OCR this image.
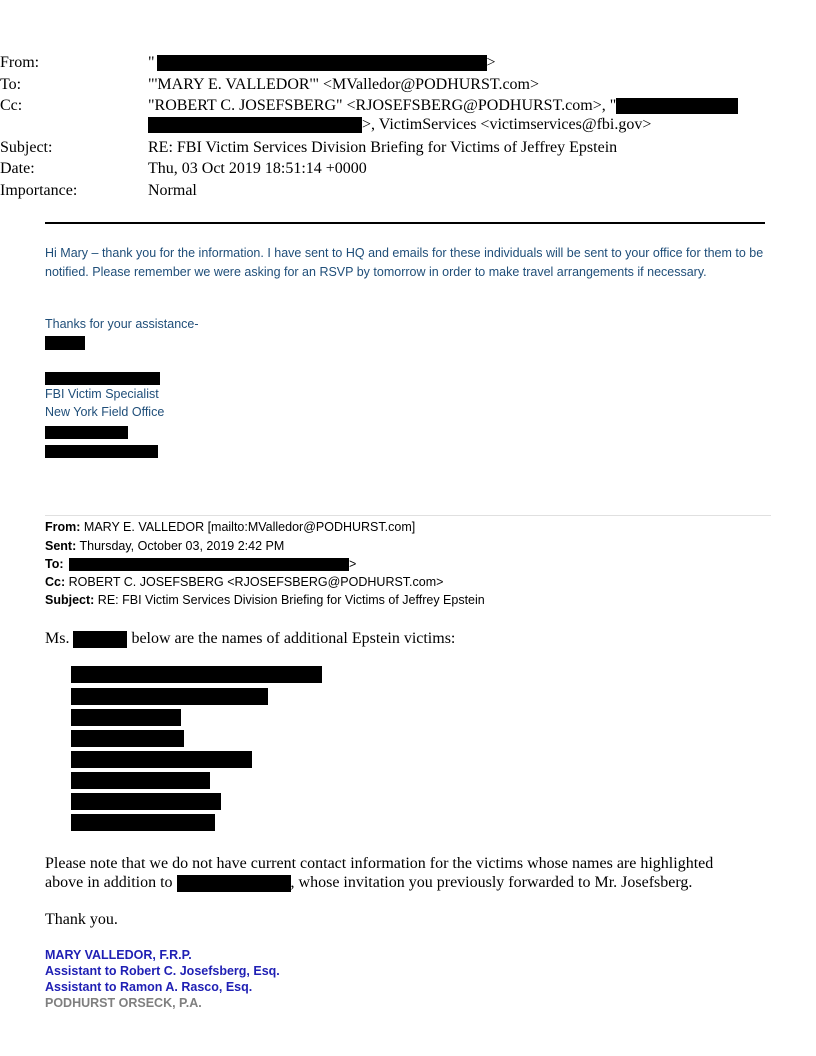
From:	"	>
To:	"'MARY E. VALLEDOR'" <MValledor@PODHURST.com>
Cc:	"ROBERT C. JOSEFSBERG" <RJOSEFSBERG@PODHURST.com>, "
>, VictimServices <victimservices@fbi.gov>
Subject:	RE: FBI Victim Services Division Briefing for Victims of Jeffrey Epstein
Date:	Thu, 03 Oct 2019 18:51:14 +0000
Importance:	Normal
Hi Mary – thank you for the information. I have sent to HQ and emails for these individuals will be sent to your office for them to be notified. Please remember we were asking for an RSVP by tomorrow in order to make travel arrangements if necessary.
Thanks for your assistance-
FBI Victim Specialist
New York Field Office
From: MARY E. VALLEDOR [mailto:MValledor@PODHURST.com]
Sent: Thursday, October 03, 2019 2:42 PM
To:	>
Cc: ROBERT C. JOSEFSBERG <RJOSEFSBERG@PODHURST.com>
Subject: RE: FBI Victim Services Division Briefing for Victims of Jeffrey Epstein
Ms.	below are the names of additional Epstein victims:
Please note that we do not have current contact information for the victims whose names are highlighted
above in addition to	, whose invitation you previously forwarded to Mr. Josefsberg.
Thank you.
MARY VALLEDOR, F.R.P.
Assistant to Robert C. Josefsberg, Esq.
Assistant to Ramon A. Rasco, Esq.
PODHURST ORSECK, P.A.
